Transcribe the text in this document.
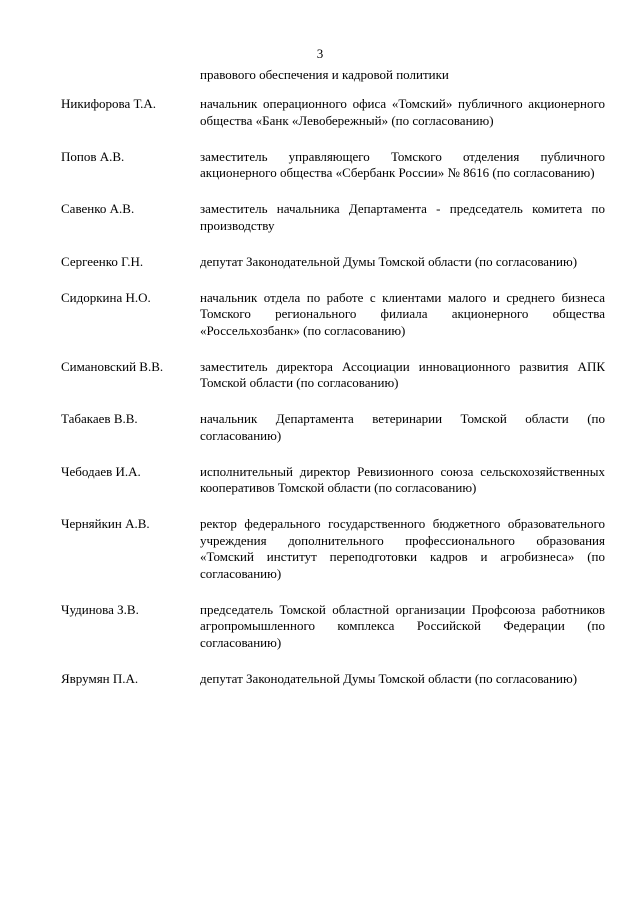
3
правового обеспечения и кадровой политики
Никифорова Т.А.	начальник операционного офиса «Томский» публичного акционерного общества «Банк «Левобережный» (по согласованию)
Попов А.В.	заместитель управляющего Томского отделения публичного акционерного общества «Сбербанк России» № 8616 (по согласованию)
Савенко А.В.	заместитель начальника Департамента - председатель комитета по производству
Сергеенко Г.Н.	депутат Законодательной Думы Томской области (по согласованию)
Сидоркина Н.О.	начальник отдела по работе с клиентами малого и среднего бизнеса Томского регионального филиала акционерного общества «Россельхозбанк» (по согласованию)
Симановский В.В.	заместитель директора Ассоциации инновационного развития АПК Томской области (по согласованию)
Табакаев В.В.	начальник Департамента ветеринарии Томской области (по согласованию)
Чебодаев И.А.	исполнительный директор Ревизионного союза сельскохозяйственных кооперативов Томской области (по согласованию)
Черняйкин А.В.	ректор федерального государственного бюджетного образовательного учреждения дополнительного профессионального образования «Томский институт переподготовки кадров и агробизнеса» (по согласованию)
Чудинова З.В.	председатель Томской областной организации Профсоюза работников агропромышленного комплекса Российской Федерации (по согласованию)
Яврумян П.А.	депутат Законодательной Думы Томской области (по согласованию)
